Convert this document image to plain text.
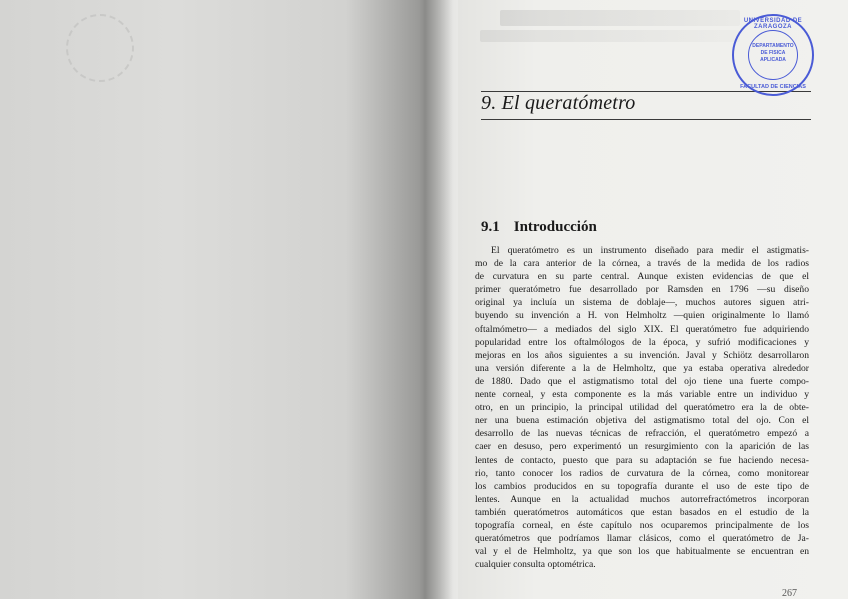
9. El queratómetro
9.1 Introducción
El queratómetro es un instrumento diseñado para medir el astigmatis-
mo de la cara anterior de la córnea, a través de la medida de los radios
de curvatura en su parte central. Aunque existen evidencias de que el
primer queratómetro fue desarrollado por Ramsden en 1796 —su diseño
original ya incluía un sistema de doblaje—, muchos autores siguen atri-
buyendo su invención a H. von Helmholtz —quien originalmente lo llamó
oftalmómetro— a mediados del siglo XIX. El queratómetro fue adquiriendo
popularidad entre los oftalmólogos de la época, y sufrió modificaciones y
mejoras en los años siguientes a su invención. Javal y Schiötz desarrollaron
una versión diferente a la de Helmholtz, que ya estaba operativa alrededor
de 1880. Dado que el astigmatismo total del ojo tiene una fuerte compo-
nente corneal, y esta componente es la más variable entre un individuo y
otro, en un principio, la principal utilidad del queratómetro era la de obte-
ner una buena estimación objetiva del astigmatismo total del ojo. Con el
desarrollo de las nuevas técnicas de refracción, el queratómetro empezó a
caer en desuso, pero experimentó un resurgimiento con la aparición de las
lentes de contacto, puesto que para su adaptación se fue haciendo necesa-
rio, tanto conocer los radios de curvatura de la córnea, como monitorear
los cambios producidos en su topografía durante el uso de este tipo de
lentes. Aunque en la actualidad muchos autorrefractómetros incorporan
también queratómetros automáticos que estan basados en el estudio de la
topografía corneal, en éste capítulo nos ocuparemos principalmente de los
queratómetros que podríamos llamar clásicos, como el queratómetro de Ja-
val y el de Helmholtz, ya que son los que habitualmente se encuentran en
cualquier consulta optométrica.
UNIVERSIDAD DE ZARAGOZA
DEPARTAMENTO
DE FISICA
APLICADA
FACULTAD DE CIENCIAS
267
